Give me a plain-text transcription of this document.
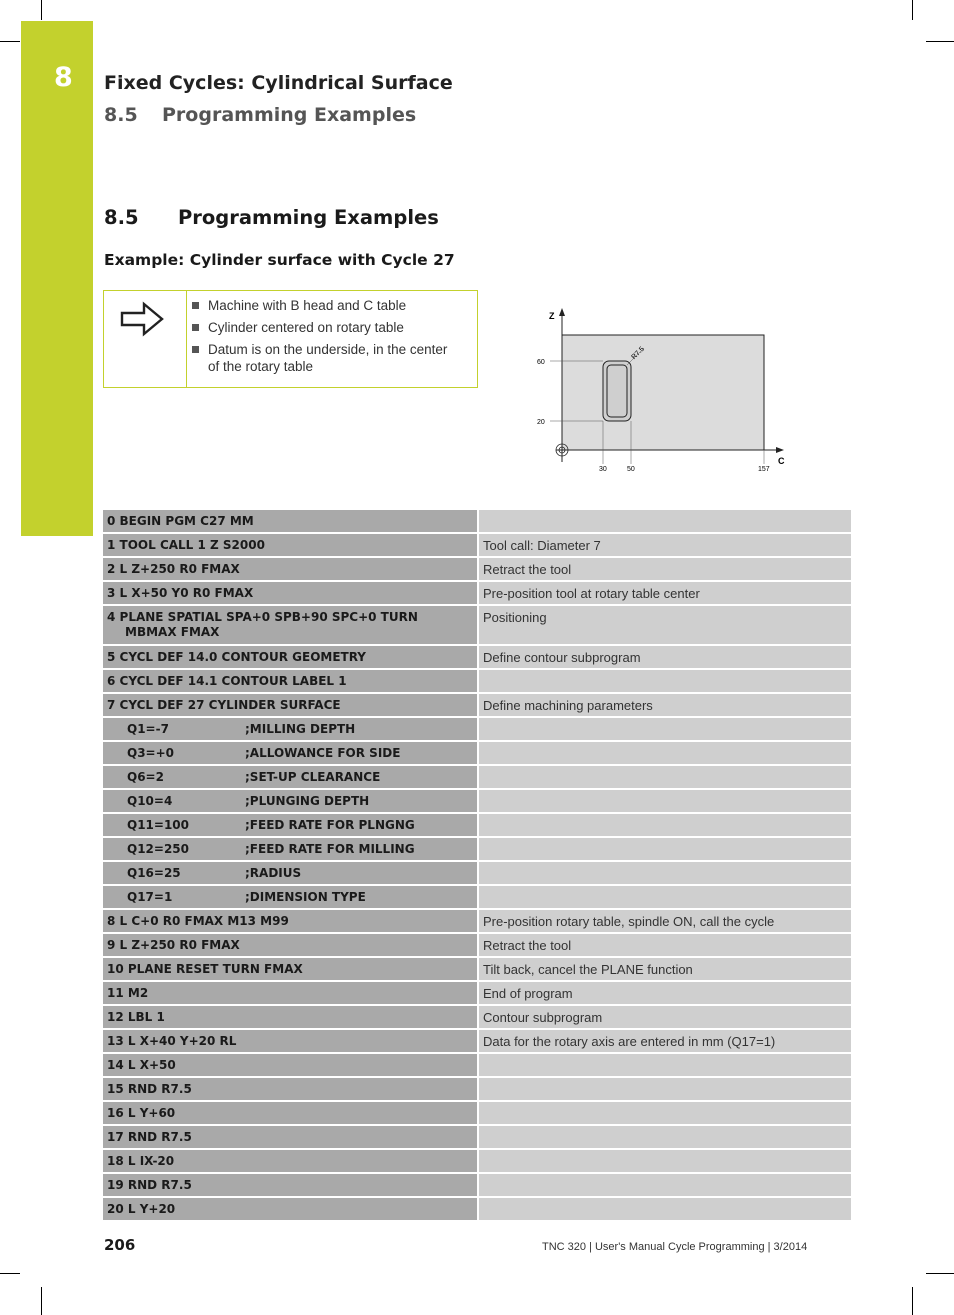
8 Fixed Cycles: Cylindrical Surface
8.5 Programming Examples
8.5 Programming Examples
Example: Cylinder surface with Cycle 27
Machine with B head and C table
Cylinder centered on rotary table
Datum is on the underside, in the center of the rotary table
Z
C
60
20
30	50	157
R7.5
0 BEGIN PGM C27 MM	
1 TOOL CALL 1 Z S2000	Tool call: Diameter 7
2 L Z+250 R0 FMAX	Retract the tool
3 L X+50 Y0 R0 FMAX	Pre-position tool at rotary table center
4 PLANE SPATIAL SPA+0 SPB+90 SPC+0 TURN MBMAX FMAX	Positioning
5 CYCL DEF 14.0 CONTOUR GEOMETRY	Define contour subprogram
6 CYCL DEF 14.1 CONTOUR LABEL 1	
7 CYCL DEF 27 CYLINDER SURFACE	Define machining parameters
Q1=-7 ;MILLING DEPTH	
Q3=+0 ;ALLOWANCE FOR SIDE	
Q6=2 ;SET-UP CLEARANCE	
Q10=4 ;PLUNGING DEPTH	
Q11=100 ;FEED RATE FOR PLNGNG	
Q12=250 ;FEED RATE FOR MILLING	
Q16=25 ;RADIUS	
Q17=1 ;DIMENSION TYPE	
8 L C+0 R0 FMAX M13 M99	Pre-position rotary table, spindle ON, call the cycle
9 L Z+250 R0 FMAX	Retract the tool
10 PLANE RESET TURN FMAX	Tilt back, cancel the PLANE function
11 M2	End of program
12 LBL 1	Contour subprogram
13 L X+40 Y+20 RL	Data for the rotary axis are entered in mm (Q17=1)
14 L X+50	
15 RND R7.5	
16 L Y+60	
17 RND R7.5	
18 L IX-20	
19 RND R7.5	
20 L Y+20	
206	TNC 320 | User's Manual Cycle Programming | 3/2014
